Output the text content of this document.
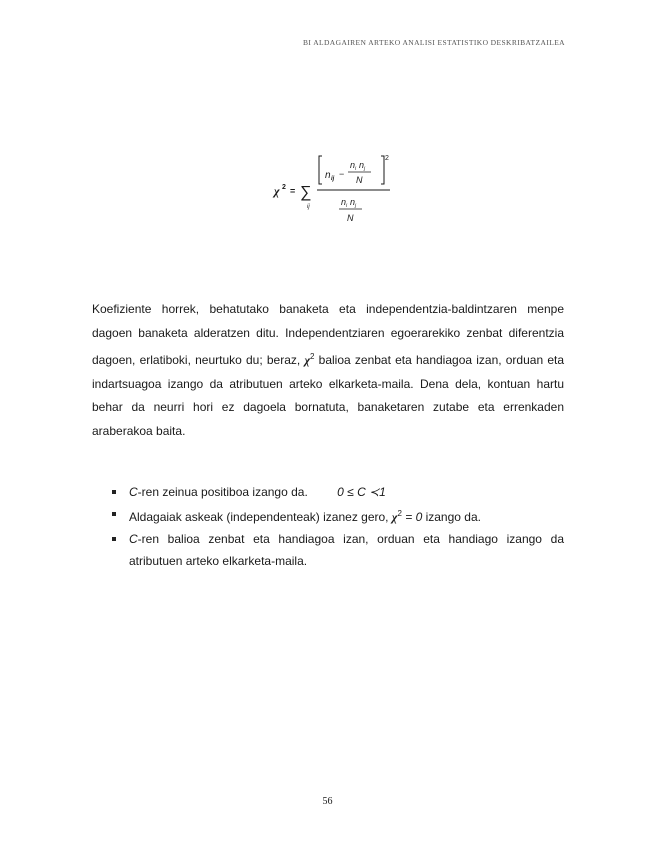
BI ALDAGAIREN ARTEKO ANALISI ESTATISTIKO DESKRIBATZAILEA
χ 2 = ∑
ij
2
n ij −
n i n j
N
n i n j
N
Koefiziente horrek, behatutako banaketa eta independentzia-baldintzaren menpe dagoen banaketa alderatzen ditu. Independentziaren egoerarekiko zenbat diferentzia dagoen, erlatiboki, neurtuko du; beraz, $\chi^2$ balioa zenbat eta handiagoa izan, orduan eta indartsuagoa izango da atributuen arteko elkarketa-maila. Dena dela, kontuan hartu behar da neurri hori ez dagoela bornatuta, banaketaren zutabe eta errenkaden araberakoa baita.
C-ren zeinua positiboa izango da. 0 ≤ C ≺1
Aldagaiak askeak (independenteak) izanez gero, $\chi^2 = 0$ izango da.
C-ren balioa zenbat eta handiagoa izan, orduan eta handiago izango da atributuen arteko elkarketa-maila.
56
